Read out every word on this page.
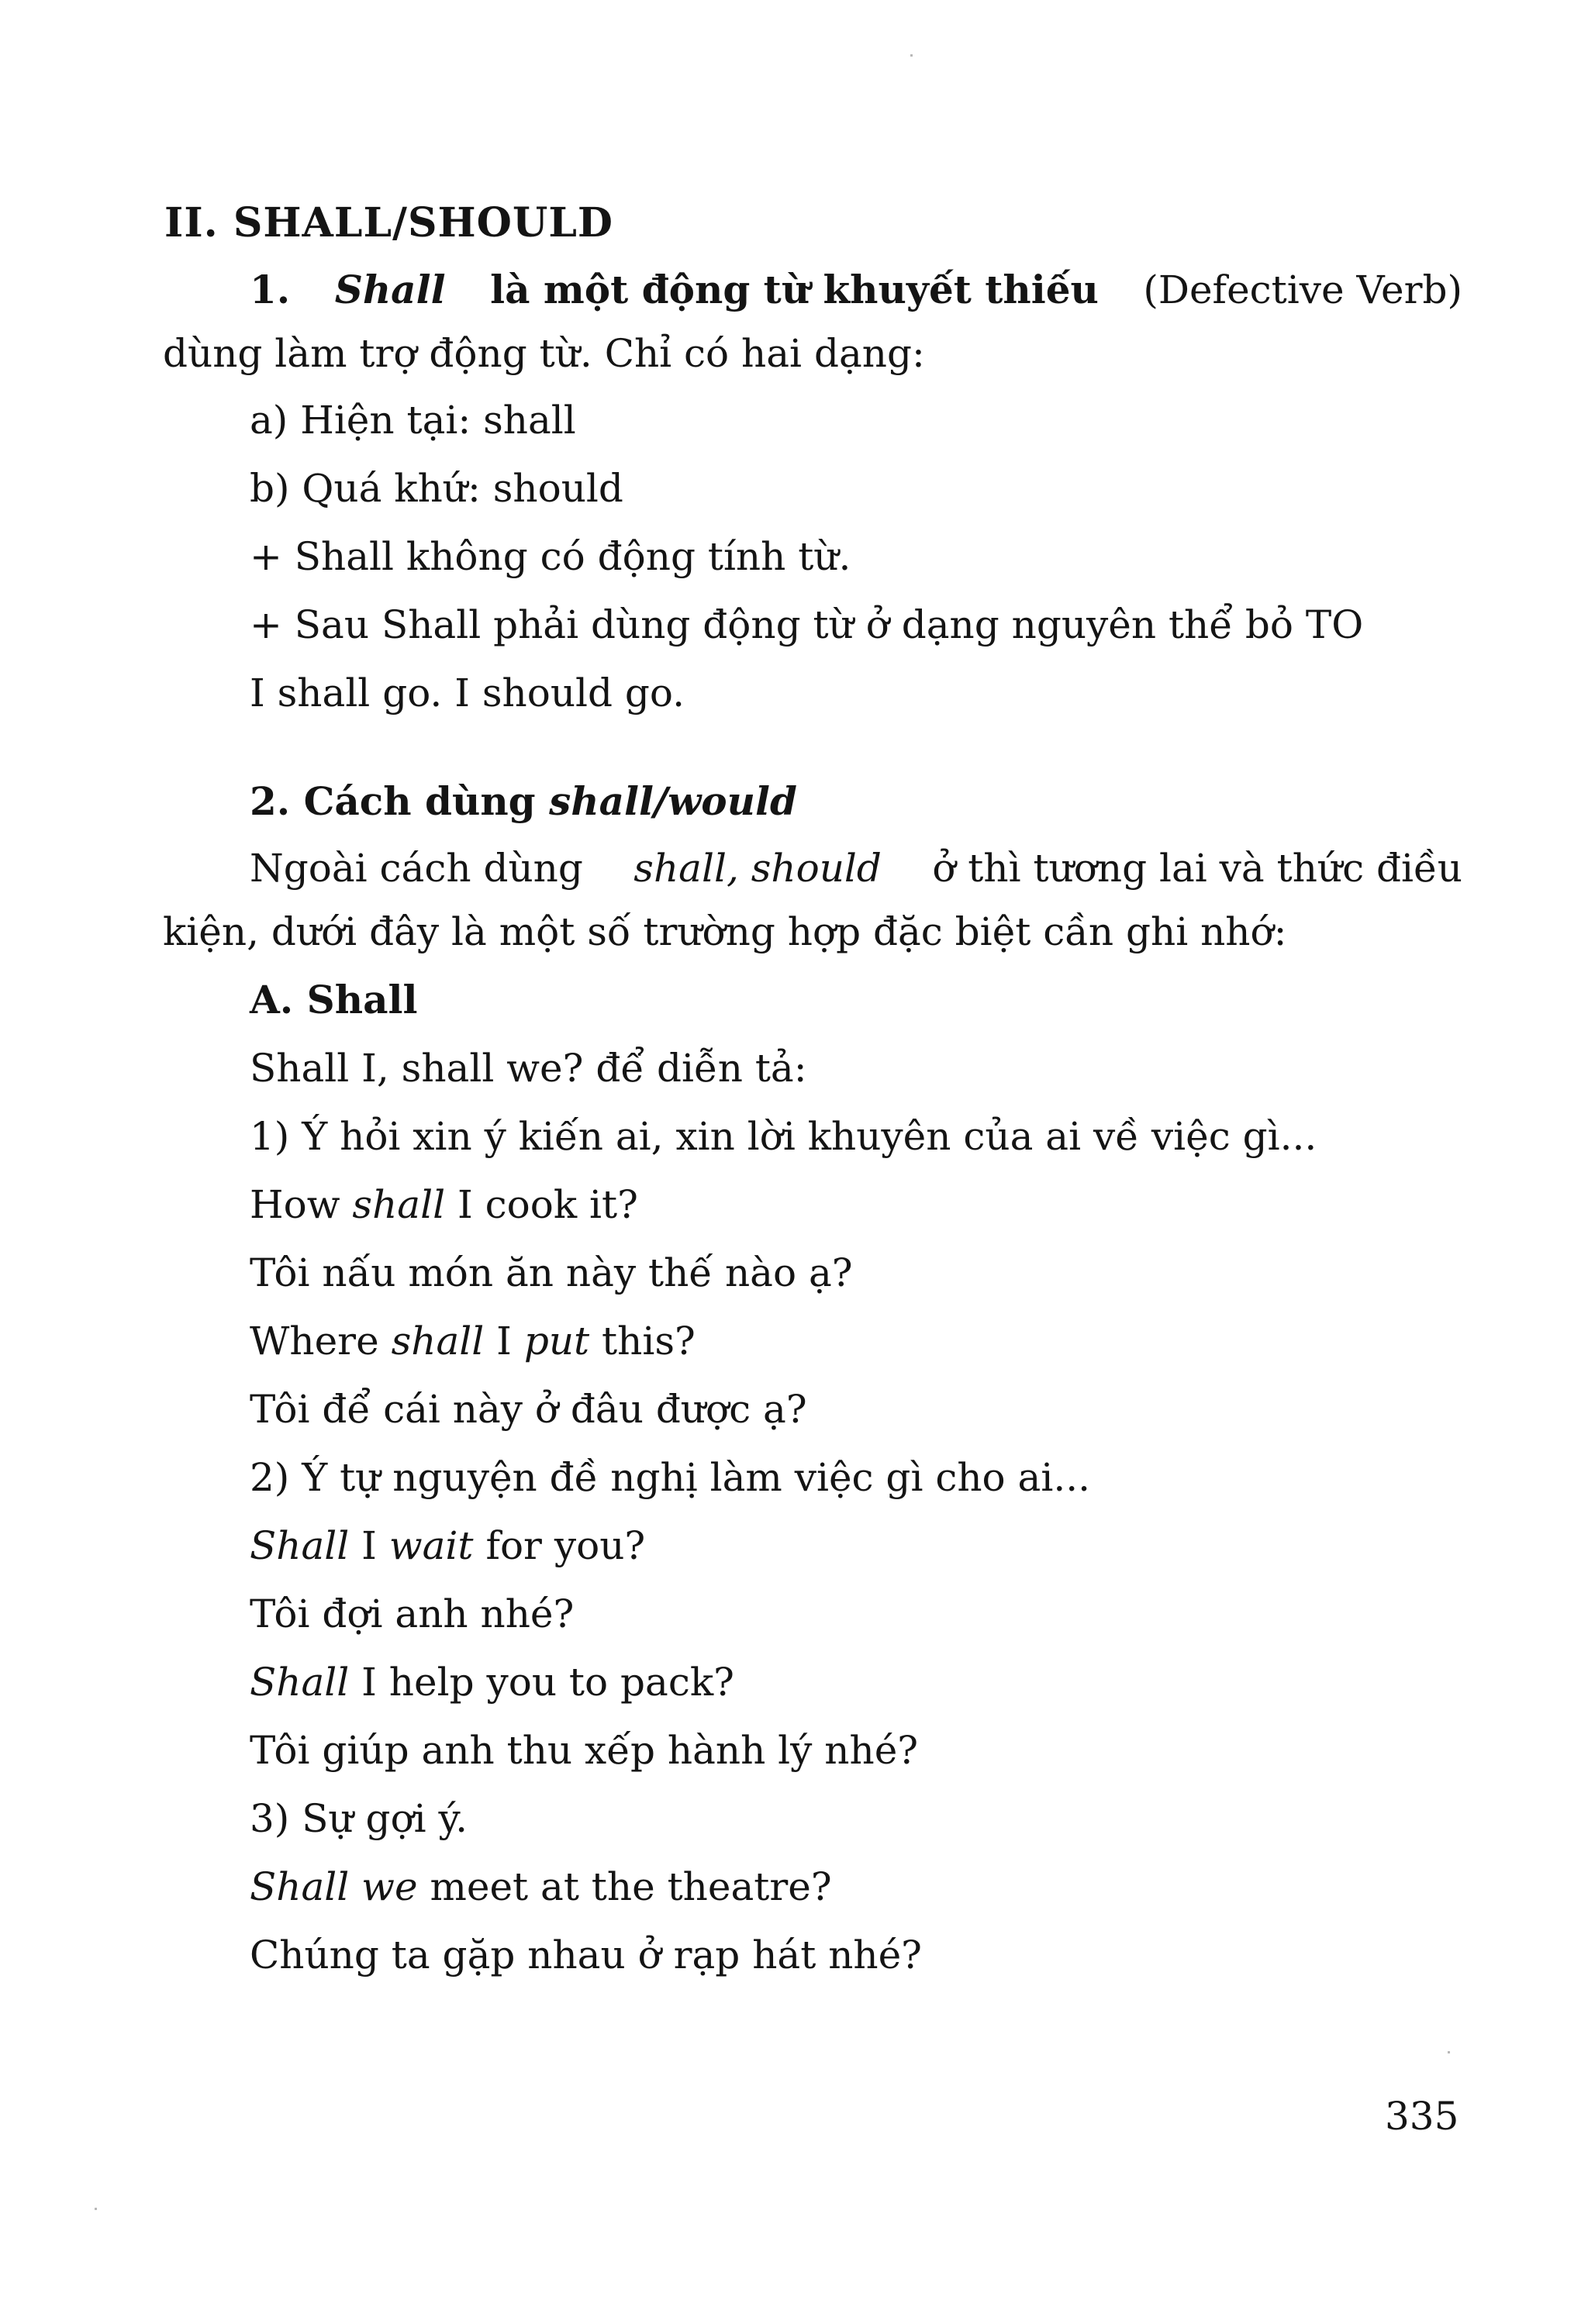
II. SHALL/SHOULD
1. Shall là một động từ khuyết thiếu (Defective Verb)
dùng làm trợ động từ. Chỉ có hai dạng:
a) Hiện tại: shall
b) Quá khứ: should
+ Shall không có động tính từ.
+ Sau Shall phải dùng động từ ở dạng nguyên thể bỏ TO
I shall go. I should go.
2. Cách dùng shall/would
Ngoài cách dùng shall, should ở thì tương lai và thức điều
kiện, dưới đây là một số trường hợp đặc biệt cần ghi nhớ:
A. Shall
Shall I, shall we? để diễn tả:
1) Ý hỏi xin ý kiến ai, xin lời khuyên của ai về việc gì...
How shall I cook it?
Tôi nấu món ăn này thế nào ạ?
Where shall I put this?
Tôi để cái này ở đâu được ạ?
2) Ý tự nguyện đề nghị làm việc gì cho ai...
Shall I wait for you?
Tôi đợi anh nhé?
Shall I help you to pack?
Tôi giúp anh thu xếp hành lý nhé?
3) Sự gợi ý.
Shall we meet at the theatre?
Chúng ta gặp nhau ở rạp hát nhé?
335
